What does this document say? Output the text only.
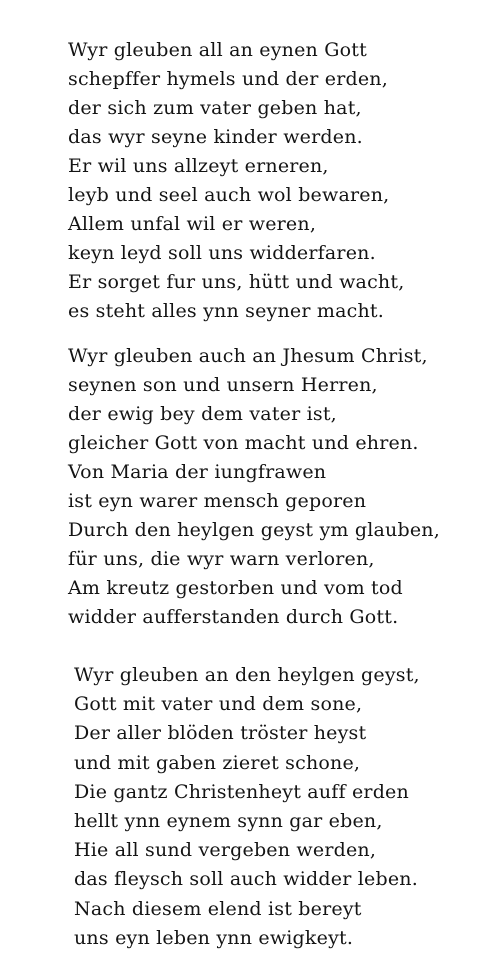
Wyr gleuben all an eynen Gott
schepffer hymels und der erden,
der sich zum vater geben hat,
das wyr seyne kinder werden.
Er wil uns allzeyt erneren,
leyb und seel auch wol bewaren,
Allem unfal wil er weren,
keyn leyd soll uns widderfaren.
Er sorget fur uns, hütt und wacht,
es steht alles ynn seyner macht.
Wyr gleuben auch an Jhesum Christ,
seynen son und unsern Herren,
der ewig bey dem vater ist,
gleicher Gott von macht und ehren.
Von Maria der iungfrawen
ist eyn warer mensch geporen
Durch den heylgen geyst ym glauben,
für uns, die wyr warn verloren,
Am kreutz gestorben und vom tod
widder aufferstanden durch Gott.
Wyr gleuben an den heylgen geyst,
Gott mit vater und dem sone,
Der aller blöden tröster heyst
und mit gaben zieret schone,
Die gantz Christenheyt auff erden
hellt ynn eynem synn gar eben,
Hie all sund vergeben werden,
das fleysch soll auch widder leben.
Nach diesem elend ist bereyt
uns eyn leben ynn ewigkeyt.
